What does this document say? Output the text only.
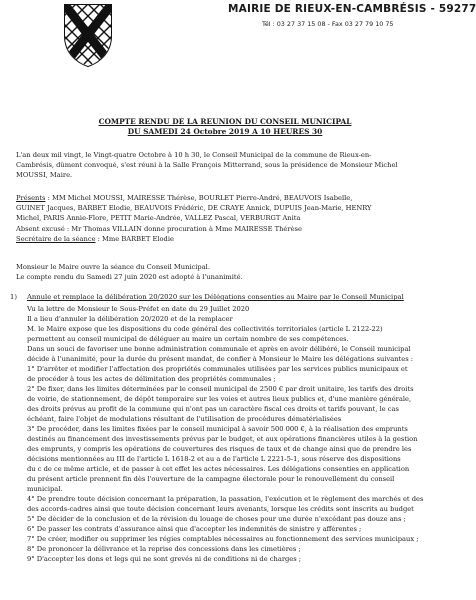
MAIRIE DE RIEUX-EN-CAMBRÉSIS - 59277
Tél : 03 27 37 15 08 - Fax 03 27 79 10 75
COMPTE RENDU DE LA REUNION DU CONSEIL MUNICIPAL
DU SAMEDI 24 Octobre 2019 A 10 HEURES 30

L'an deux mil vingt, le Vingt-quatre Octobre à 10 h 30, le Conseil Municipal de la commune de Rieux-en-

Cambrésis, dûment convoqué, s'est réuni à la Salle François Mitterrand, sous la présidence de Monsieur Michel

MOUSSI, Maire.

Présents : MM Michel MOUSSI, MAIRESSE Thérèse, BOURLET Pierre-André, BEAUVOIS Isabelle,

GUINET Jacques, BARBET Elodie, BEAUVOIS Frédéric, DE CRAYE Annick, DUPUIS Jean-Marie, HENRY

Michel, PARIS Annie-Flore, PETIT Marie-Andrée, VALLEZ Pascal, VERBURGT Anita

Absent excusé : Mr Thomas VILLAIN donne procuration à Mme MAIRESSE Thérèse

Secrétaire de la séance : Mme BARBET Elodie

Monsieur le Maire ouvre la séance du Conseil Municipal.

Le compte rendu du Samedi 27 juin 2020 est adopté à l'unanimité.

1) Annule et remplace la délibération 20/2020 sur les Délégations consenties au Maire par le Conseil Municipal

Vu la lettre de Monsieur le Sous-Préfet en date du 29 Juillet 2020

Il a lieu d'annuler la délibération 20/2020 et de la remplacer

M. le Maire expose que les dispositions du code général des collectivités territoriales (article L 2122-22)

permettent au conseil municipal de déléguer au maire un certain nombre de ses compétences.

Dans un souci de favoriser une bonne administration communale et après en avoir délibéré, le Conseil municipal

décide à l'unanimité, pour la durée du présent mandat, de confier à Monsieur le Maire les délégations suivantes :

1° D'arrêter et modifier l'affectation des propriétés communales utilisées par les services publics municipaux et

de procéder à tous les actes de délimitation des propriétés communales ;

2° De fixer, dans les limites déterminées par le conseil municipal de 2500 € par droit unitaire, les tarifs des droits

de voirie, de stationnement, de dépôt temporaire sur les voies et autres lieux publics et, d'une manière générale,

des droits prévus au profit de la commune qui n'ont pas un caractère fiscal ces droits et tarifs pouvant, le cas

échéant, faire l'objet de modulations résultant de l'utilisation de procédures dématérialisées

3° De procéder, dans les limites fixées par le conseil municipal à savoir 500 000 €, à la réalisation des emprunts

destinés au financement des investissements prévus par le budget, et aux opérations financières utiles à la gestion

des emprunts, y compris les opérations de couvertures des risques de taux et de change ainsi que de prendre les

décisions mentionnées au III de l'article L 1618-2 et au a de l'article L 2221-5-1, sous réserve des dispositions

du c de ce même article, et de passer à cet effet les actes nécessaires. Les délégations consenties en application

du présent article prennent fin dès l'ouverture de la campagne électorale pour le renouvellement du conseil

municipal.

4° De prendre toute décision concernant la préparation, la passation, l'exécution et le règlement des marchés et des

des accords-cadres ainsi que toute décision concernant leurs avenants, lorsque les crédits sont inscrits au budget

5° De décider de la conclusion et de la révision du louage de choses pour une durée n'excédant pas douze ans ;

6° De passer les contrats d'assurance ainsi que d'accepter les indemnités de sinistre y afférentes ;

7° De créer, modifier ou supprimer les régies comptables nécessaires au fonctionnement des services municipaux ;

8° De prononcer la délivrance et la reprise des concessions dans les cimetières ;

9° D'accepter les dons et legs qui ne sont grevés ni de conditions ni de charges ;
